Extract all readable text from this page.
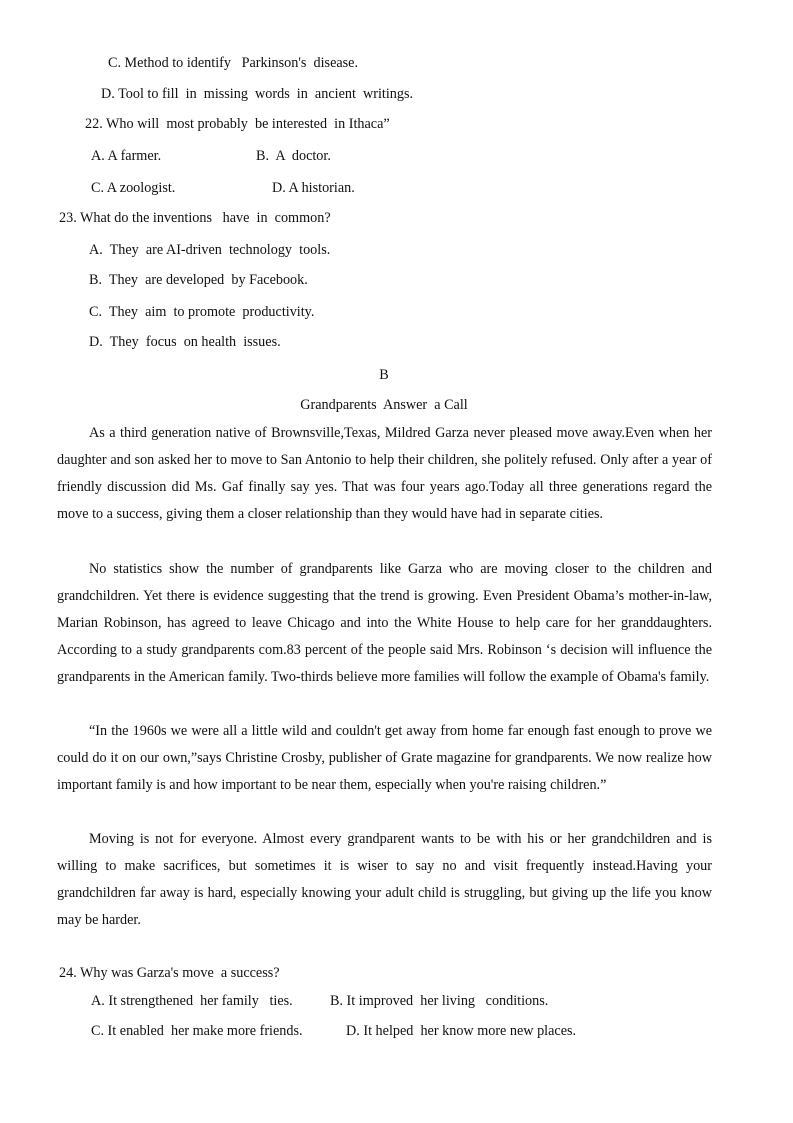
C. Method to identify   Parkinson's  disease.
D. Tool to fill  in  missing  words  in  ancient  writings.
22. Who will  most probably  be interested  in Ithaca”
A. A farmer.	B.  A  doctor.
C. A zoologist.	D. A historian.
23. What do the inventions   have  in  common?
A.  They  are AI-driven  technology  tools.
B.  They  are developed  by Facebook.
C.  They  aim  to promote  productivity.
D.  They  focus  on health  issues.
B
Grandparents  Answer  a Call

As a third generation native of Brownsville,Texas, Mildred Garza never pleased move away.Even when her daughter and son asked her to move to San Antonio to help their children, she politely refused. Only after a year of friendly discussion did Ms. Gaf finally say yes. That was four years ago.Today all three generations regard the move to a success, giving them a closer relationship than they would have had in separate cities.

No statistics show the number of grandparents like Garza who are moving closer to the children and grandchildren. Yet there is evidence suggesting that the trend is growing. Even President Obama’s mother-in-law, Marian Robinson, has agreed to leave Chicago and into the White House to help care for her granddaughters. According to a study grandparents com.83 percent of the people said Mrs. Robinson ‘s decision will influence the grandparents in the American family. Two-thirds believe more families will follow the example of Obama's family.

“In the 1960s we were all a little wild and couldn't get away from home far enough fast enough to prove we could do it on our own,”says Christine Crosby, publisher of Grate magazine for grandparents. We now realize how important family is and how important to be near them, especially when you're raising children.”

Moving is not for everyone. Almost every grandparent wants to be with his or her grandchildren and is willing to make sacrifices, but sometimes it is wiser to say no and visit frequently instead.Having your grandchildren far away is hard, especially knowing your adult child is struggling, but giving up the life you know may be harder.

24. Why was Garza's move  a success?
A. It strengthened  her family   ties.	B. It improved  her living   conditions.
C. It enabled  her make more friends.	D. It helped  her know more new places.
